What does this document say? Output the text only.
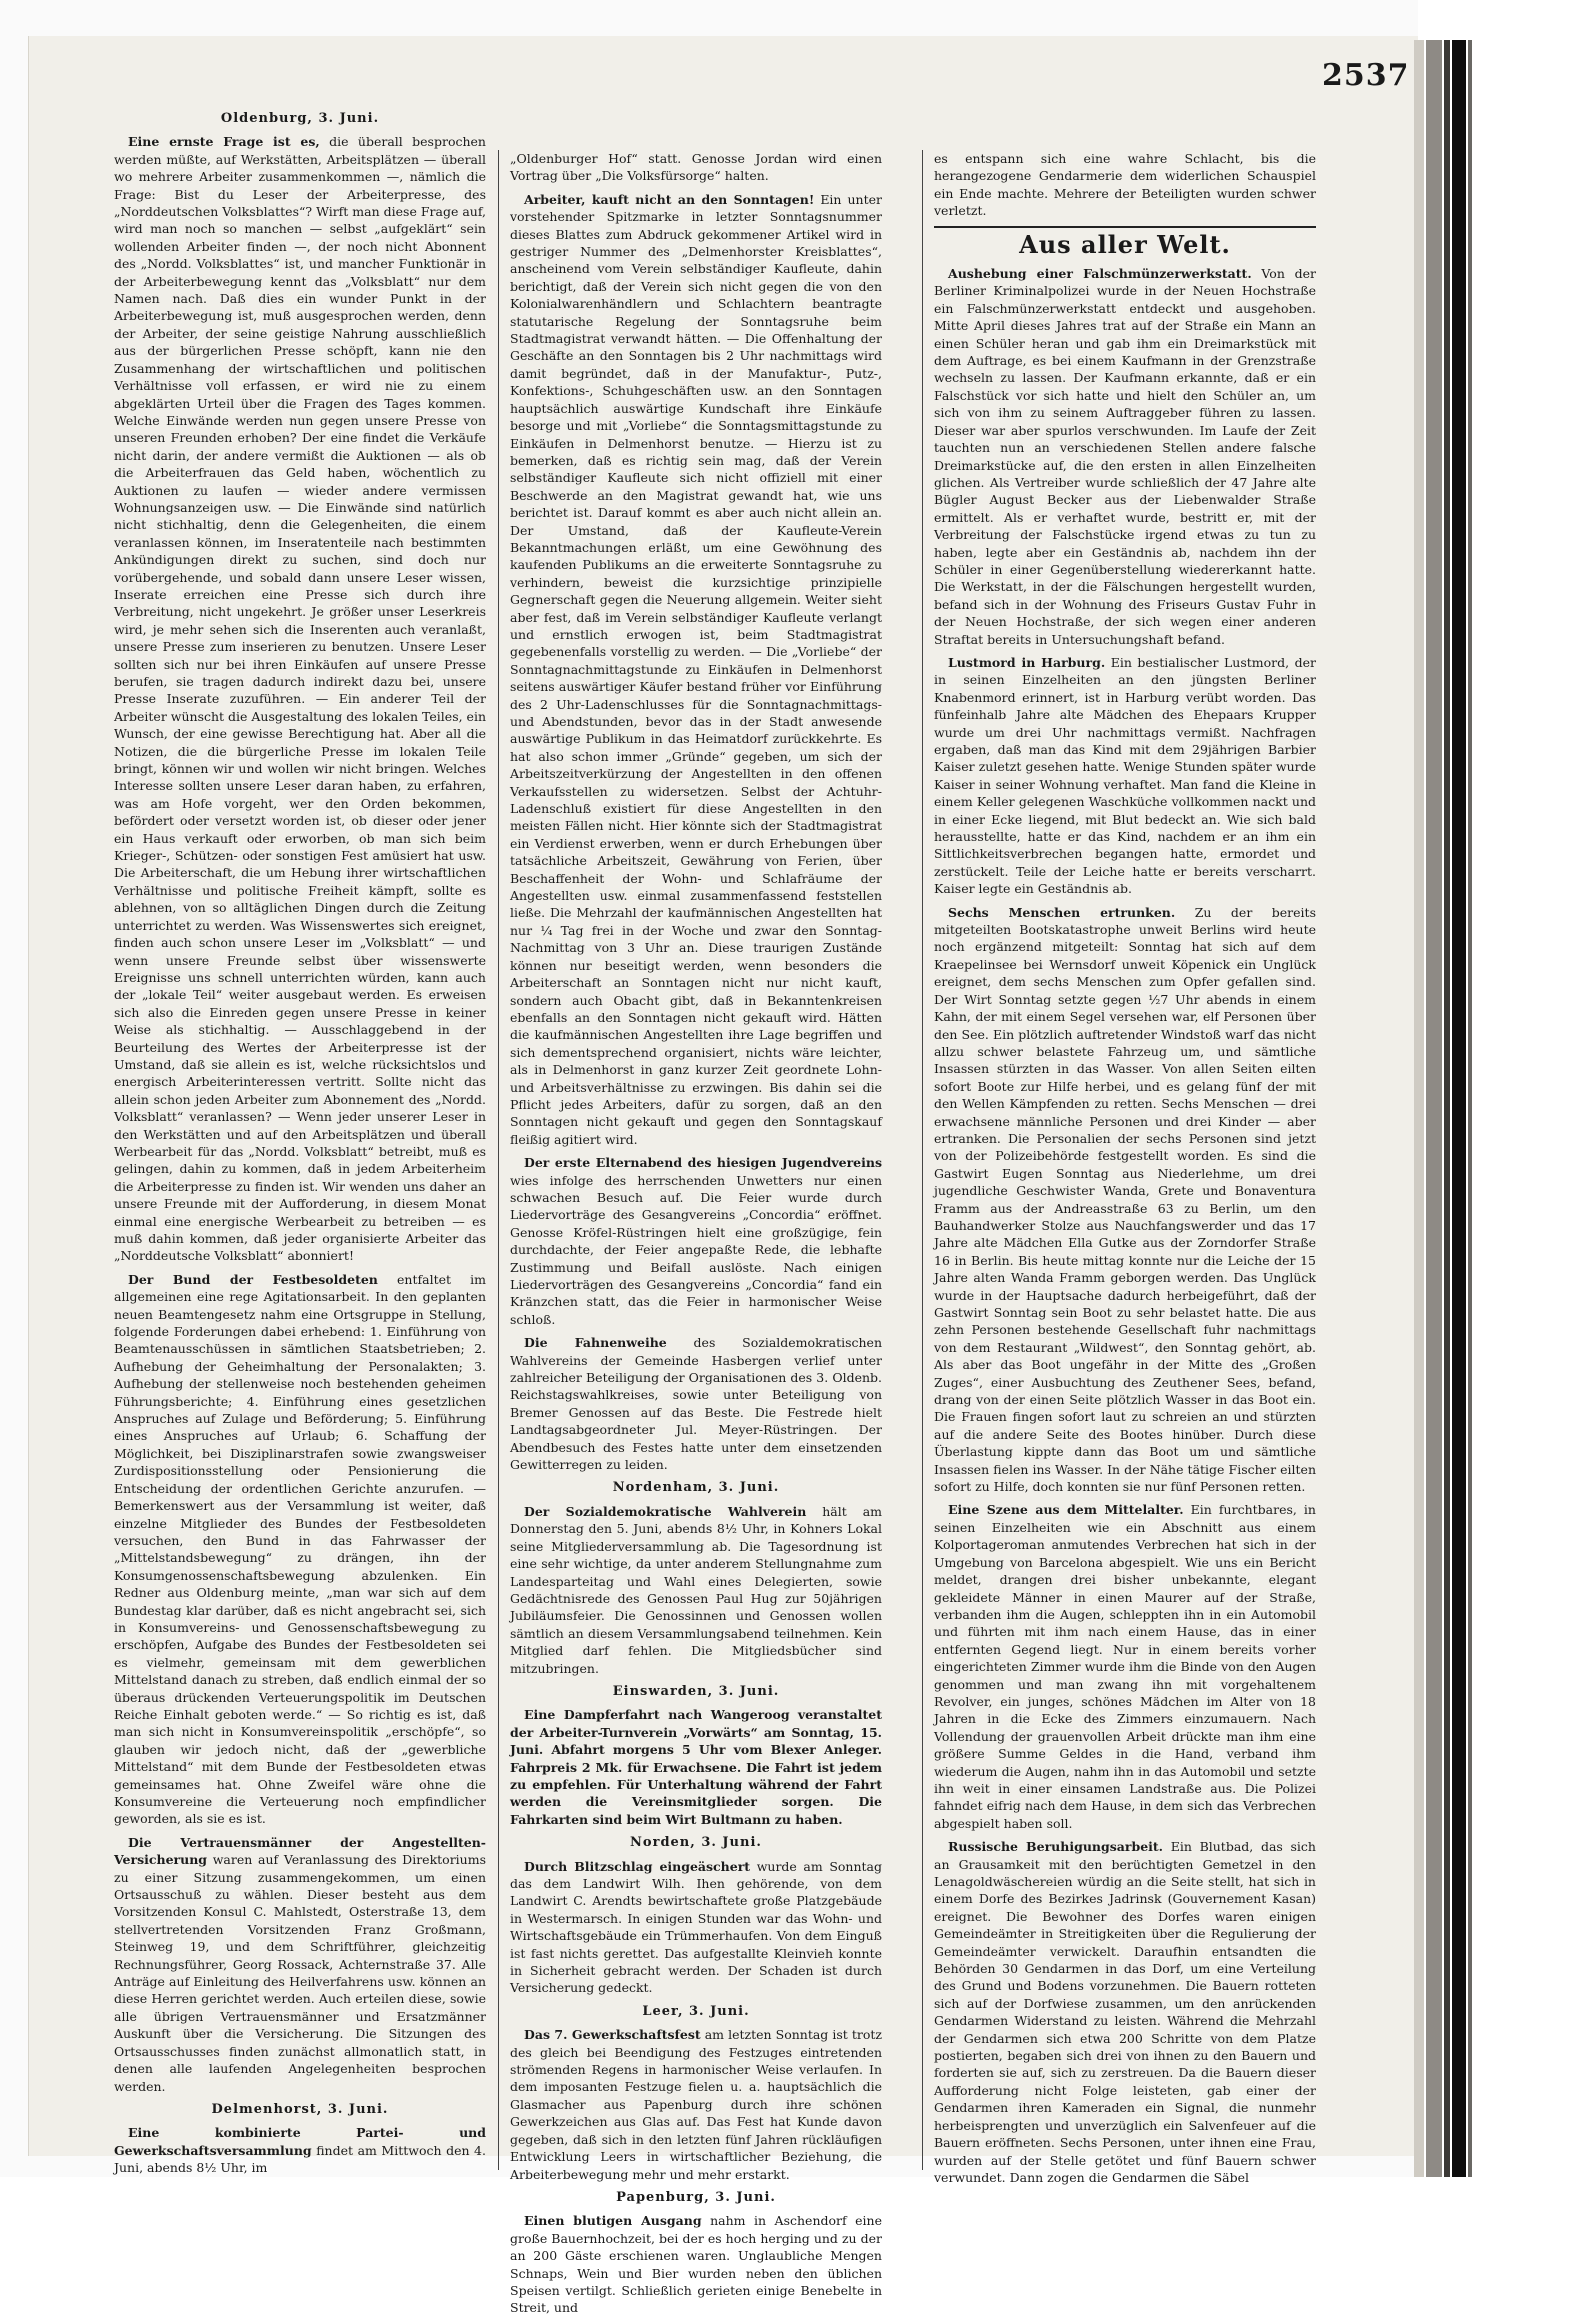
2537
Oldenburg, 3. Juni.

Eine ernste Frage ist es, die überall besprochen werden müßte, auf Werkstätten, Arbeitsplätzen — überall wo mehrere Arbeiter zusammenkommen —, nämlich die Frage: Bist du Leser der Arbeiterpresse, des „Norddeutschen Volksblattes“? Wirft man diese Frage auf, wird man noch so manchen — selbst „aufgeklärt“ sein wollenden Arbeiter finden —, der noch nicht Abonnent des „Nordd. Volksblattes“ ist, und mancher Funktionär in der Arbeiterbewegung kennt das „Volksblatt“ nur dem Namen nach. Daß dies ein wunder Punkt in der Arbeiterbewegung ist, muß ausgesprochen werden, denn der Arbeiter, der seine geistige Nahrung ausschließlich aus der bürgerlichen Presse schöpft, kann nie den Zusammenhang der wirtschaftlichen und politischen Verhältnisse voll erfassen, er wird nie zu einem abgeklärten Urteil über die Fragen des Tages kommen. Welche Einwände werden nun gegen unsere Presse von unseren Freunden erhoben? Der eine findet die Verkäufe nicht darin, der andere vermißt die Auktionen — als ob die Arbeiterfrauen das Geld haben, wöchentlich zu Auktionen zu laufen — wieder andere vermissen Wohnungsanzeigen usw. — Die Einwände sind natürlich nicht stichhaltig, denn die Gelegenheiten, die einem veranlassen können, im Inseratenteile nach bestimmten Ankündigungen direkt zu suchen, sind doch nur vorübergehende, und sobald dann unsere Leser wissen, Inserate erreichen eine Presse sich durch ihre Verbreitung, nicht ungekehrt. Je größer unser Leserkreis wird, je mehr sehen sich die Inserenten auch veranlaßt, unsere Presse zum inserieren zu benutzen. Unsere Leser sollten sich nur bei ihren Einkäufen auf unsere Presse berufen, sie tragen dadurch indirekt dazu bei, unsere Presse Inserate zuzuführen. — Ein anderer Teil der Arbeiter wünscht die Ausgestaltung des lokalen Teiles, ein Wunsch, der eine gewisse Berechtigung hat. Aber all die Notizen, die die bürgerliche Presse im lokalen Teile bringt, können wir und wollen wir nicht bringen. Welches Interesse sollten unsere Leser daran haben, zu erfahren, was am Hofe vorgeht, wer den Orden bekommen, befördert oder versetzt worden ist, ob dieser oder jener ein Haus verkauft oder erworben, ob man sich beim Krieger-, Schützen- oder sonstigen Fest amüsiert hat usw. Die Arbeiterschaft, die um Hebung ihrer wirtschaftlichen Verhältnisse und politische Freiheit kämpft, sollte es ablehnen, von so alltäglichen Dingen durch die Zeitung unterrichtet zu werden. Was Wissenswertes sich ereignet, finden auch schon unsere Leser im „Volksblatt“ — und wenn unsere Freunde selbst über wissenswerte Ereignisse uns schnell unterrichten würden, kann auch der „lokale Teil“ weiter ausgebaut werden. Es erweisen sich also die Einreden gegen unsere Presse in keiner Weise als stichhaltig. — Ausschlaggebend in der Beurteilung des Wertes der Arbeiterpresse ist der Umstand, daß sie allein es ist, welche rücksichtslos und energisch Arbeiterinteressen vertritt. Sollte nicht das allein schon jeden Arbeiter zum Abonnement des „Nordd. Volksblatt“ veranlassen? — Wenn jeder unserer Leser in den Werkstätten und auf den Arbeitsplätzen und überall Werbearbeit für das „Nordd. Volksblatt“ betreibt, muß es gelingen, dahin zu kommen, daß in jedem Arbeiterheim die Arbeiterpresse zu finden ist. Wir wenden uns daher an unsere Freunde mit der Aufforderung, in diesem Monat einmal eine energische Werbearbeit zu betreiben — es muß dahin kommen, daß jeder organisierte Arbeiter das „Norddeutsche Volksblatt“ abonniert!

Der Bund der Festbesoldeten entfaltet im allgemeinen eine rege Agitationsarbeit. In den geplanten neuen Beamtengesetz nahm eine Ortsgruppe in Stellung, folgende Forderungen dabei erhebend: 1. Einführung von Beamtenausschüssen in sämtlichen Staatsbetrieben; 2. Aufhebung der Geheimhaltung der Personalakten; 3. Aufhebung der stellenweise noch bestehenden geheimen Führungsberichte; 4. Einführung eines gesetzlichen Anspruches auf Zulage und Beförderung; 5. Einführung eines Anspruches auf Urlaub; 6. Schaffung der Möglichkeit, bei Disziplinarstrafen sowie zwangsweiser Zurdispositionsstellung oder Pensionierung die Entscheidung der ordentlichen Gerichte anzurufen. — Bemerkenswert aus der Versammlung ist weiter, daß einzelne Mitglieder des Bundes der Festbesoldeten versuchen, den Bund in das Fahrwasser der „Mittelstandsbewegung“ zu drängen, ihn der Konsumgenossenschaftsbewegung abzulenken. Ein Redner aus Oldenburg meinte, „man war sich auf dem Bundestag klar darüber, daß es nicht angebracht sei, sich in Konsumvereins- und Genossenschaftsbewegung zu erschöpfen, Aufgabe des Bundes der Festbesoldeten sei es vielmehr, gemeinsam mit dem gewerblichen Mittelstand danach zu streben, daß endlich einmal der so überaus drückenden Verteuerungspolitik im Deutschen Reiche Einhalt geboten werde.“ — So richtig es ist, daß man sich nicht in Konsumvereinspolitik „erschöpfe“, so glauben wir jedoch nicht, daß der „gewerbliche Mittelstand“ mit dem Bunde der Festbesoldeten etwas gemeinsames hat. Ohne Zweifel wäre ohne die Konsumvereine die Verteuerung noch empfindlicher geworden, als sie es ist.

Die Vertrauensmänner der Angestellten-Versicherung waren auf Veranlassung des Direktoriums zu einer Sitzung zusammengekommen, um einen Ortsausschuß zu wählen. Dieser besteht aus dem Vorsitzenden Konsul C. Mahlstedt, Osterstraße 13, dem stellvertretenden Vorsitzenden Franz Großmann, Steinweg 19, und dem Schriftführer, gleichzeitig Rechnungsführer, Georg Rossack, Achternstraße 37. Alle Anträge auf Einleitung des Heilverfahrens usw. können an diese Herren gerichtet werden. Auch erteilen diese, sowie alle übrigen Vertrauensmänner und Ersatzmänner Auskunft über die Versicherung. Die Sitzungen des Ortsausschusses finden zunächst allmonatlich statt, in denen alle laufenden Angelegenheiten besprochen werden.

Delmenhorst, 3. Juni.

Eine kombinierte Partei- und Gewerkschaftsversammlung findet am Mittwoch den 4. Juni, abends 8½ Uhr, im

„Oldenburger Hof“ statt. Genosse Jordan wird einen Vortrag über „Die Volksfürsorge“ halten.

Arbeiter, kauft nicht an den Sonntagen! Ein unter vorstehender Spitzmarke in letzter Sonntagsnummer dieses Blattes zum Abdruck gekommener Artikel wird in gestriger Nummer des „Delmenhorster Kreisblattes“, anscheinend vom Verein selbständiger Kaufleute, dahin berichtigt, daß der Verein sich nicht gegen die von den Kolonialwarenhändlern und Schlachtern beantragte statutarische Regelung der Sonntagsruhe beim Stadtmagistrat verwandt hätten. — Die Offenhaltung der Geschäfte an den Sonntagen bis 2 Uhr nachmittags wird damit begründet, daß in der Manufaktur-, Putz-, Konfektions-, Schuhgeschäften usw. an den Sonntagen hauptsächlich auswärtige Kundschaft ihre Einkäufe besorge und mit „Vorliebe“ die Sonntagsmittagstunde zu Einkäufen in Delmenhorst benutze. — Hierzu ist zu bemerken, daß es richtig sein mag, daß der Verein selbständiger Kaufleute sich nicht offiziell mit einer Beschwerde an den Magistrat gewandt hat, wie uns berichtet ist. Darauf kommt es aber auch nicht allein an. Der Umstand, daß der Kaufleute-Verein Bekanntmachungen erläßt, um eine Gewöhnung des kaufenden Publikums an die erweiterte Sonntagsruhe zu verhindern, beweist die kurzsichtige prinzipielle Gegnerschaft gegen die Neuerung allgemein. Weiter sieht aber fest, daß im Verein selbständiger Kaufleute verlangt und ernstlich erwogen ist, beim Stadtmagistrat gegebenenfalls vorstellig zu werden. — Die „Vorliebe“ der Sonntagnachmittagstunde zu Einkäufen in Delmenhorst seitens auswärtiger Käufer bestand früher vor Einführung des 2 Uhr-Ladenschlusses für die Sonntagnachmittags- und Abendstunden, bevor das in der Stadt anwesende auswärtige Publikum in das Heimatdorf zurückkehrte. Es hat also schon immer „Gründe“ gegeben, um sich der Arbeitszeitverkürzung der Angestellten in den offenen Verkaufsstellen zu widersetzen. Selbst der Achtuhr-Ladenschluß existiert für diese Angestellten in den meisten Fällen nicht. Hier könnte sich der Stadtmagistrat ein Verdienst erwerben, wenn er durch Erhebungen über tatsächliche Arbeitszeit, Gewährung von Ferien, über Beschaffenheit der Wohn- und Schlafräume der Angestellten usw. einmal zusammenfassend feststellen ließe. Die Mehrzahl der kaufmännischen Angestellten hat nur ¼ Tag frei in der Woche und zwar den Sonntag-Nachmittag von 3 Uhr an. Diese traurigen Zustände können nur beseitigt werden, wenn besonders die Arbeiterschaft an Sonntagen nicht nur nicht kauft, sondern auch Obacht gibt, daß in Bekanntenkreisen ebenfalls an den Sonntagen nicht gekauft wird. Hätten die kaufmännischen Angestellten ihre Lage begriffen und sich dementsprechend organisiert, nichts wäre leichter, als in Delmenhorst in ganz kurzer Zeit geordnete Lohn- und Arbeitsverhältnisse zu erzwingen. Bis dahin sei die Pflicht jedes Arbeiters, dafür zu sorgen, daß an den Sonntagen nicht gekauft und gegen den Sonntagskauf fleißig agitiert wird.

Der erste Elternabend des hiesigen Jugendvereins wies infolge des herrschenden Unwetters nur einen schwachen Besuch auf. Die Feier wurde durch Liedervorträge des Gesangvereins „Concordia“ eröffnet. Genosse Kröfel-Rüstringen hielt eine großzügige, fein durchdachte, der Feier angepaßte Rede, die lebhafte Zustimmung und Beifall auslöste. Nach einigen Liedervorträgen des Gesangvereins „Concordia“ fand ein Kränzchen statt, das die Feier in harmonischer Weise schloß.

Die Fahnenweihe des Sozialdemokratischen Wahlvereins der Gemeinde Hasbergen verlief unter zahlreicher Beteiligung der Organisationen des 3. Oldenb. Reichstagswahlkreises, sowie unter Beteiligung von Bremer Genossen auf das Beste. Die Festrede hielt Landtagsabgeordneter Jul. Meyer-Rüstringen. Der Abendbesuch des Festes hatte unter dem einsetzenden Gewitterregen zu leiden.

Nordenham, 3. Juni.

Der Sozialdemokratische Wahlverein hält am Donnerstag den 5. Juni, abends 8½ Uhr, in Kohners Lokal seine Mitgliederversammlung ab. Die Tagesordnung ist eine sehr wichtige, da unter anderem Stellungnahme zum Landesparteitag und Wahl eines Delegierten, sowie Gedächtnisrede des Genossen Paul Hug zur 50jährigen Jubiläumsfeier. Die Genossinnen und Genossen wollen sämtlich an diesem Versammlungsabend teilnehmen. Kein Mitglied darf fehlen. Die Mitgliedsbücher sind mitzubringen.

Einswarden, 3. Juni.

Eine Dampferfahrt nach Wangeroog veranstaltet der Arbeiter-Turnverein „Vorwärts“ am Sonntag, 15. Juni. Abfahrt morgens 5 Uhr vom Blexer Anleger. Fahrpreis 2 Mk. für Erwachsene. Die Fahrt ist jedem zu empfehlen. Für Unterhaltung während der Fahrt werden die Vereinsmitglieder sorgen. Die Fahrkarten sind beim Wirt Bultmann zu haben.

Norden, 3. Juni.

Durch Blitzschlag eingeäschert wurde am Sonntag das dem Landwirt Wilh. Ihen gehörende, von dem Landwirt C. Arendts bewirtschaftete große Platzgebäude in Westermarsch. In einigen Stunden war das Wohn- und Wirtschaftsgebäude ein Trümmerhaufen. Von dem Einguß ist fast nichts gerettet. Das aufgestallte Kleinvieh konnte in Sicherheit gebracht werden. Der Schaden ist durch Versicherung gedeckt.

Leer, 3. Juni.

Das 7. Gewerkschaftsfest am letzten Sonntag ist trotz des gleich bei Beendigung des Festzuges eintretenden strömenden Regens in harmonischer Weise verlaufen. In dem imposanten Festzuge fielen u. a. hauptsächlich die Glasmacher aus Papenburg durch ihre schönen Gewerkzeichen aus Glas auf. Das Fest hat Kunde davon gegeben, daß sich in den letzten fünf Jahren rückläufigen Entwicklung Leers in wirtschaftlicher Beziehung, die Arbeiterbewegung mehr und mehr erstarkt.

Papenburg, 3. Juni.

Einen blutigen Ausgang nahm in Aschendorf eine große Bauernhochzeit, bei der es hoch herging und zu der an 200 Gäste erschienen waren. Unglaubliche Mengen Schnaps, Wein und Bier wurden neben den üblichen Speisen vertilgt. Schließlich gerieten einige Benebelte in Streit, und

es entspann sich eine wahre Schlacht, bis die herangezogene Gendarmerie dem widerlichen Schauspiel ein Ende machte. Mehrere der Beteiligten wurden schwer verletzt.

Aus aller Welt.

Aushebung einer Falschmünzerwerkstatt. Von der Berliner Kriminalpolizei wurde in der Neuen Hochstraße ein Falschmünzerwerkstatt entdeckt und ausgehoben. Mitte April dieses Jahres trat auf der Straße ein Mann an einen Schüler heran und gab ihm ein Dreimarkstück mit dem Auftrage, es bei einem Kaufmann in der Grenzstraße wechseln zu lassen. Der Kaufmann erkannte, daß er ein Falschstück vor sich hatte und hielt den Schüler an, um sich von ihm zu seinem Auftraggeber führen zu lassen. Dieser war aber spurlos verschwunden. Im Laufe der Zeit tauchten nun an verschiedenen Stellen andere falsche Dreimarkstücke auf, die den ersten in allen Einzelheiten glichen. Als Vertreiber wurde schließlich der 47 Jahre alte Bügler August Becker aus der Liebenwalder Straße ermittelt. Als er verhaftet wurde, bestritt er, mit der Verbreitung der Falschstücke irgend etwas zu tun zu haben, legte aber ein Geständnis ab, nachdem ihn der Schüler in einer Gegenüberstellung wiedererkannt hatte. Die Werkstatt, in der die Fälschungen hergestellt wurden, befand sich in der Wohnung des Friseurs Gustav Fuhr in der Neuen Hochstraße, der sich wegen einer anderen Straftat bereits in Untersuchungshaft befand.

Lustmord in Harburg. Ein bestialischer Lustmord, der in seinen Einzelheiten an den jüngsten Berliner Knabenmord erinnert, ist in Harburg verübt worden. Das fünfeinhalb Jahre alte Mädchen des Ehepaars Krupper wurde um drei Uhr nachmittags vermißt. Nachfragen ergaben, daß man das Kind mit dem 29jährigen Barbier Kaiser zuletzt gesehen hatte. Wenige Stunden später wurde Kaiser in seiner Wohnung verhaftet. Man fand die Kleine in einem Keller gelegenen Waschküche vollkommen nackt und in einer Ecke liegend, mit Blut bedeckt an. Wie sich bald herausstellte, hatte er das Kind, nachdem er an ihm ein Sittlichkeitsverbrechen begangen hatte, ermordet und zerstückelt. Teile der Leiche hatte er bereits verscharrt. Kaiser legte ein Geständnis ab.

Sechs Menschen ertrunken. Zu der bereits mitgeteilten Bootskatastrophe unweit Berlins wird heute noch ergänzend mitgeteilt: Sonntag hat sich auf dem Kraepelinsee bei Wernsdorf unweit Köpenick ein Unglück ereignet, dem sechs Menschen zum Opfer gefallen sind. Der Wirt Sonntag setzte gegen ½7 Uhr abends in einem Kahn, der mit einem Segel versehen war, elf Personen über den See. Ein plötzlich auftretender Windstoß warf das nicht allzu schwer belastete Fahrzeug um, und sämtliche Insassen stürzten in das Wasser. Von allen Seiten eilten sofort Boote zur Hilfe herbei, und es gelang fünf der mit den Wellen Kämpfenden zu retten. Sechs Menschen — drei erwachsene männliche Personen und drei Kinder — aber ertranken. Die Personalien der sechs Personen sind jetzt von der Polizeibehörde festgestellt worden. Es sind die Gastwirt Eugen Sonntag aus Niederlehme, um drei jugendliche Geschwister Wanda, Grete und Bonaventura Framm aus der Andreasstraße 63 zu Berlin, um den Bauhandwerker Stolze aus Nauchfangswerder und das 17 Jahre alte Mädchen Ella Gutke aus der Zorndorfer Straße 16 in Berlin. Bis heute mittag konnte nur die Leiche der 15 Jahre alten Wanda Framm geborgen werden. Das Unglück wurde in der Hauptsache dadurch herbeigeführt, daß der Gastwirt Sonntag sein Boot zu sehr belastet hatte. Die aus zehn Personen bestehende Gesellschaft fuhr nachmittags von dem Restaurant „Wildwest“, den Sonntag gehört, ab. Als aber das Boot ungefähr in der Mitte des „Großen Zuges“, einer Ausbuchtung des Zeuthener Sees, befand, drang von der einen Seite plötzlich Wasser in das Boot ein. Die Frauen fingen sofort laut zu schreien an und stürzten auf die andere Seite des Bootes hinüber. Durch diese Überlastung kippte dann das Boot um und sämtliche Insassen fielen ins Wasser. In der Nähe tätige Fischer eilten sofort zu Hilfe, doch konnten sie nur fünf Personen retten.

Eine Szene aus dem Mittelalter. Ein furchtbares, in seinen Einzelheiten wie ein Abschnitt aus einem Kolportageroman anmutendes Verbrechen hat sich in der Umgebung von Barcelona abgespielt. Wie uns ein Bericht meldet, drangen drei bisher unbekannte, elegant gekleidete Männer in einen Maurer auf der Straße, verbanden ihm die Augen, schleppten ihn in ein Automobil und führten mit ihm nach einem Hause, das in einer entfernten Gegend liegt. Nur in einem bereits vorher eingerichteten Zimmer wurde ihm die Binde von den Augen genommen und man zwang ihn mit vorgehaltenem Revolver, ein junges, schönes Mädchen im Alter von 18 Jahren in die Ecke des Zimmers einzumauern. Nach Vollendung der grauenvollen Arbeit drückte man ihm eine größere Summe Geldes in die Hand, verband ihm wiederum die Augen, nahm ihn in das Automobil und setzte ihn weit in einer einsamen Landstraße aus. Die Polizei fahndet eifrig nach dem Hause, in dem sich das Verbrechen abgespielt haben soll.

Russische Beruhigungsarbeit. Ein Blutbad, das sich an Grausamkeit mit den berüchtigten Gemetzel in den Lenagoldwäschereien würdig an die Seite stellt, hat sich in einem Dorfe des Bezirkes Jadrinsk (Gouvernement Kasan) ereignet. Die Bewohner des Dorfes waren einigen Gemeindeämter in Streitigkeiten über die Regulierung der Gemeindeämter verwickelt. Daraufhin entsandten die Behörden 30 Gendarmen in das Dorf, um eine Verteilung des Grund und Bodens vorzunehmen. Die Bauern rotteten sich auf der Dorfwiese zusammen, um den anrückenden Gendarmen Widerstand zu leisten. Während die Mehrzahl der Gendarmen sich etwa 200 Schritte von dem Platze postierten, begaben sich drei von ihnen zu den Bauern und forderten sie auf, sich zu zerstreuen. Da die Bauern dieser Aufforderung nicht Folge leisteten, gab einer der Gendarmen ihren Kameraden ein Signal, die nunmehr herbeisprengten und unverzüglich ein Salvenfeuer auf die Bauern eröffneten. Sechs Personen, unter ihnen eine Frau, wurden auf der Stelle getötet und fünf Bauern schwer verwundet. Dann zogen die Gendarmen die Säbel
